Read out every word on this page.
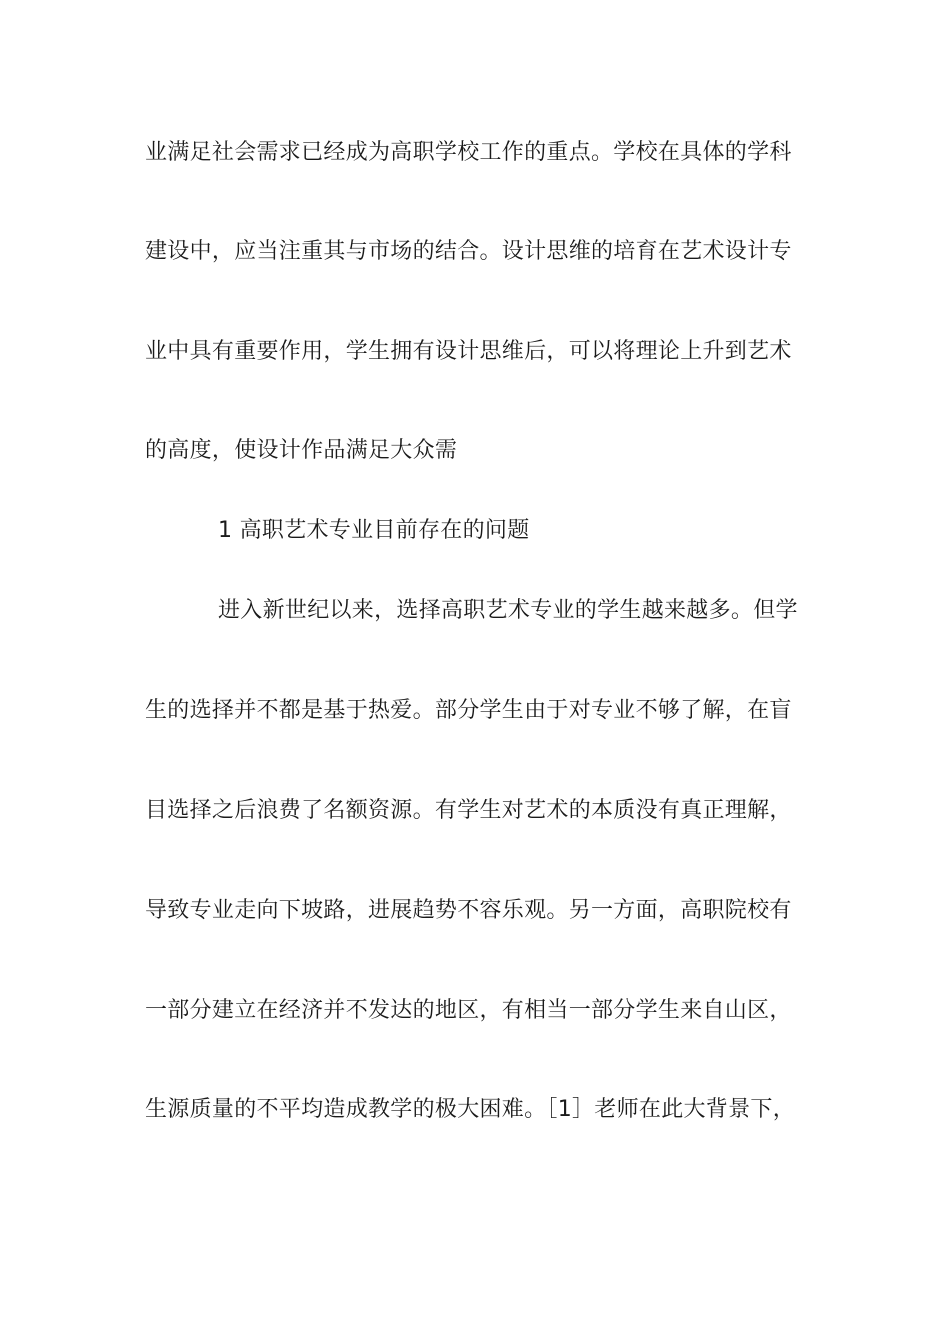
业满足社会需求已经成为高职学校工作的重点。学校在具体的学科
建设中，应当注重其与市场的结合。设计思维的培育在艺术设计专
业中具有重要作用，学生拥有设计思维后，可以将理论上升到艺术
的高度，使设计作品满足大众需
1 高职艺术专业目前存在的问题
进入新世纪以来，选择高职艺术专业的学生越来越多。但学
生的选择并不都是基于热爱。部分学生由于对专业不够了解，在盲
目选择之后浪费了名额资源。有学生对艺术的本质没有真正理解，
导致专业走向下坡路，进展趋势不容乐观。另一方面，高职院校有
一部分建立在经济并不发达的地区，有相当一部分学生来自山区，
生源质量的不平均造成教学的极大困难。［1］老师在此大背景下，
